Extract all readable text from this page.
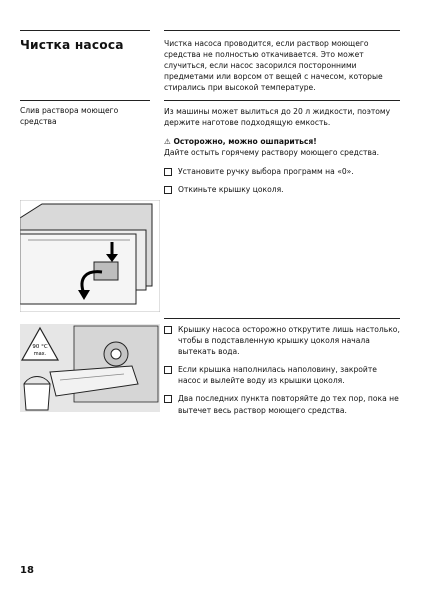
Чистка насоса	Чистка насоса проводится, если раствор моющего средства не полностью откачивается. Это может случиться, если насос засорился посторонними предметами или ворсом от вещей с начесом, которые стирались при высокой температуре.

Слив раствора моющего средства

Из машины может вылиться до 20 л жидкости, поэтому держите наготове подходящую емкость.

⚠ Осторожно, можно ошпариться!

Дайте остыть горячему раствору моющего средства.

Установите ручку выбора программ на «0».
Откиньте крышку цоколя.
90 °C
max.
Крышку насоса осторожно открутите лишь настолько, чтобы в подставленную крышку цоколя начала вытекать вода.
Если крышка наполнилась наполовину, закройте насос и вылейте воду из крышки цоколя.
Два последних пункта повторяйте до тех пор, пока не вытечет весь раствор моющего средства.
18
